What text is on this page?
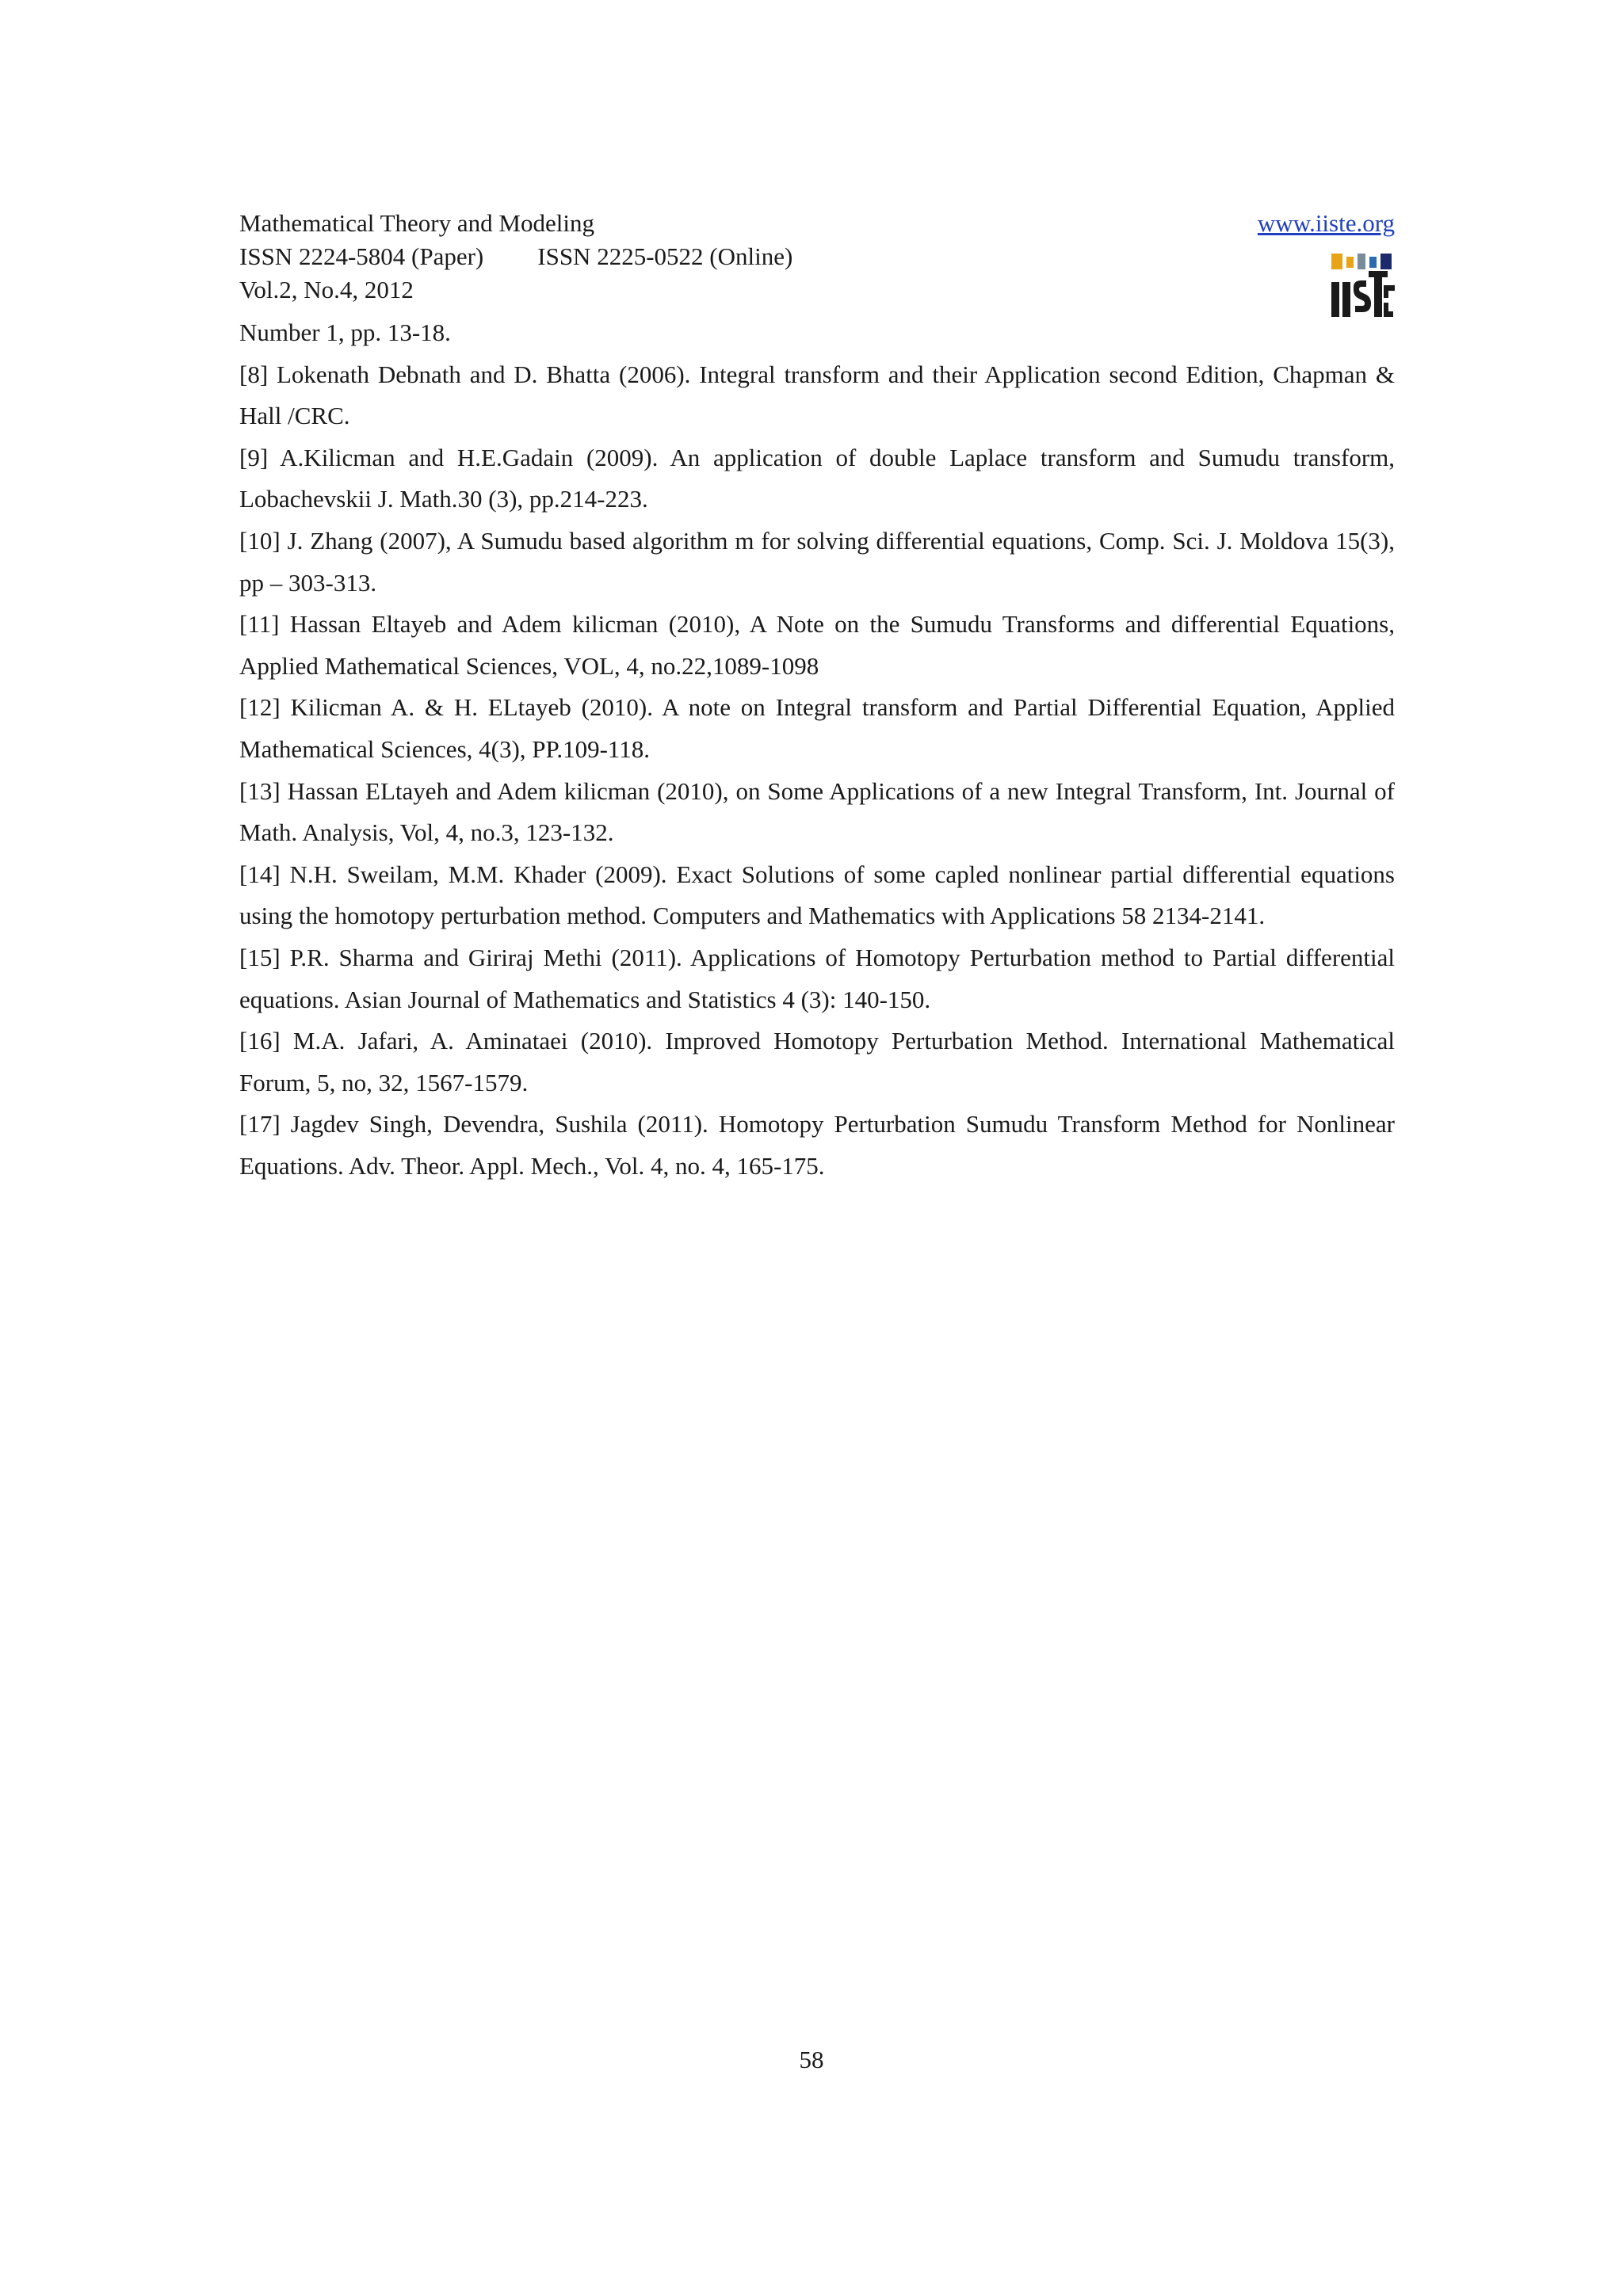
Mathematical Theory and Modeling
ISSN 2224-5804 (Paper) ISSN 2225-0522 (Online)
Vol.2, No.4, 2012
www.iiste.org

Number 1, pp. 13-18.

[8] Lokenath Debnath and D. Bhatta (2006). Integral transform and their Application second Edition, Chapman & Hall /CRC.

[9] A.Kilicman and H.E.Gadain (2009). An application of double Laplace transform and Sumudu transform, Lobachevskii J. Math.30 (3), pp.214-223.

[10] J. Zhang (2007), A Sumudu based algorithm m for solving differential equations, Comp. Sci. J. Moldova 15(3), pp – 303-313.

[11] Hassan Eltayeb and Adem kilicman (2010), A Note on the Sumudu Transforms and differential Equations, Applied Mathematical Sciences, VOL, 4, no.22,1089-1098

[12] Kilicman A. & H. ELtayeb (2010). A note on Integral transform and Partial Differential Equation, Applied Mathematical Sciences, 4(3), PP.109-118.

[13] Hassan ELtayeh and Adem kilicman (2010), on Some Applications of a new Integral Transform, Int. Journal of Math. Analysis, Vol, 4, no.3, 123-132.

[14] N.H. Sweilam, M.M. Khader (2009). Exact Solutions of some capled nonlinear partial differential equations using the homotopy perturbation method. Computers and Mathematics with Applications 58 2134-2141.

[15] P.R. Sharma and Giriraj Methi (2011). Applications of Homotopy Perturbation method to Partial differential equations. Asian Journal of Mathematics and Statistics 4 (3): 140-150.

[16] M.A. Jafari, A. Aminataei (2010). Improved Homotopy Perturbation Method. International Mathematical Forum, 5, no, 32, 1567-1579.

[17] Jagdev Singh, Devendra, Sushila (2011). Homotopy Perturbation Sumudu Transform Method for Nonlinear Equations. Adv. Theor. Appl. Mech., Vol. 4, no. 4, 165-175.

58
